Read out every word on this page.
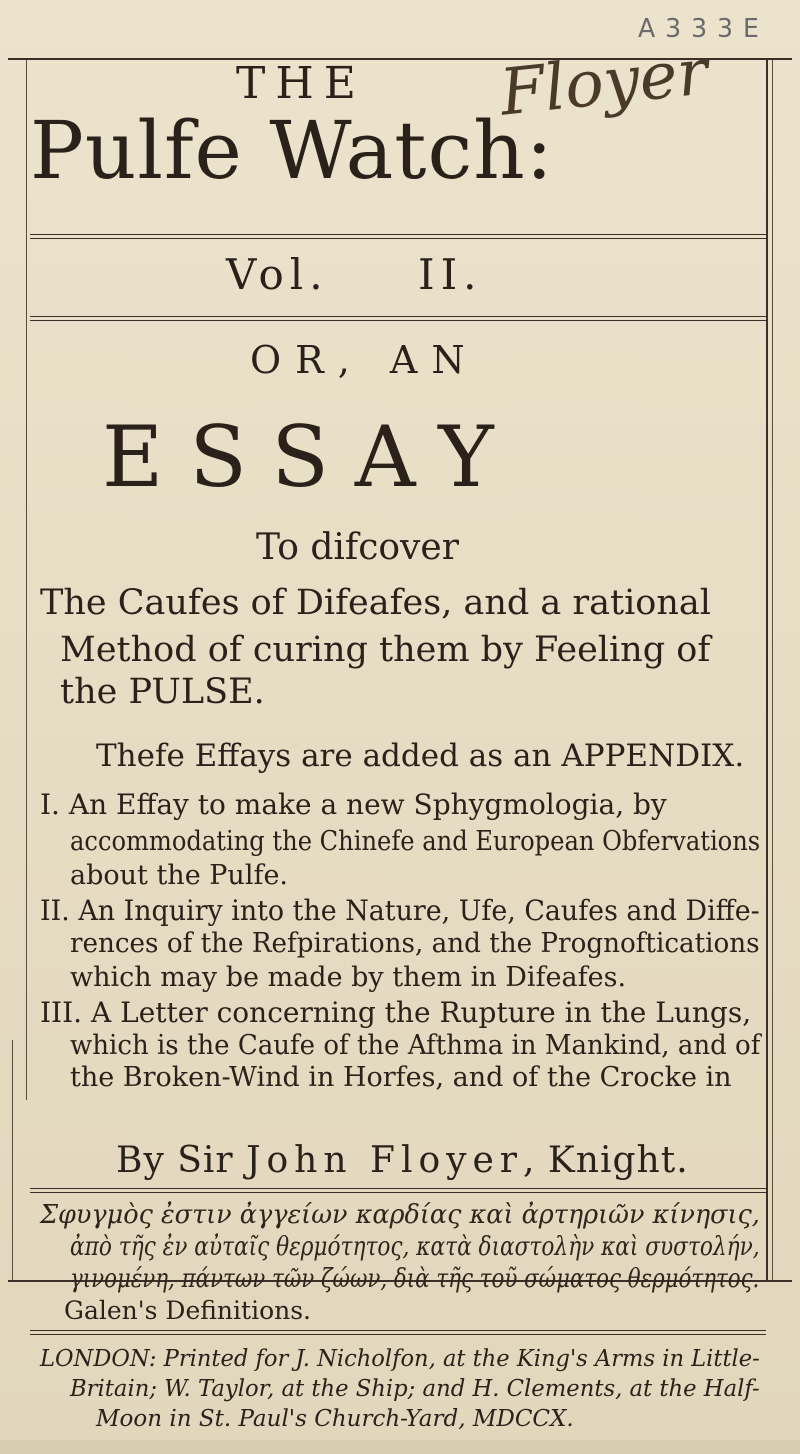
A 3 3 3 E
THE Floyer
Pulfe Watch:
Vol. II.
OR, AN
ESSAY
To difcover
The Caufes of Difeafes, and a rational
Method of curing them by Feeling of
the PULSE.
Thefe Effays are added as an APPENDIX.
I. An Effay to make a new Sphygmologia, by
accommodating the Chinefe and European Obfervations
about the Pulfe.
II. An Inquiry into the Nature, Ufe, Caufes and Diffe-
rences of the Refpirations, and the Prognoftications
which may be made by them in Difeafes.
III. A Letter concerning the Rupture in the Lungs,
which is the Caufe of the Afthma in Mankind, and of
the Broken-Wind in Horfes, and of the Crocke in
By Sir John Floyer, Knight.
Σφυγμὸς ἐστιν ἀγγείων καρδίας καὶ ἀρτηριῶν κίνησις,
ἀπὸ τῆς ἐν αὐταῖς θερμότητος, κατὰ διαστολὴν καὶ συστολήν,
Galen's Definitions.
LONDON: Printed for J. Nicholfon, at the King's Arms in Little-
Britain; W. Taylor, at the Ship; and H. Clements, at the Half-
Moon in St. Paul's Church-Yard, MDCCX.
γινομένη, πάντων τῶν ζώων, διὰ τῆς τοῦ σώματος θερμότητος.
